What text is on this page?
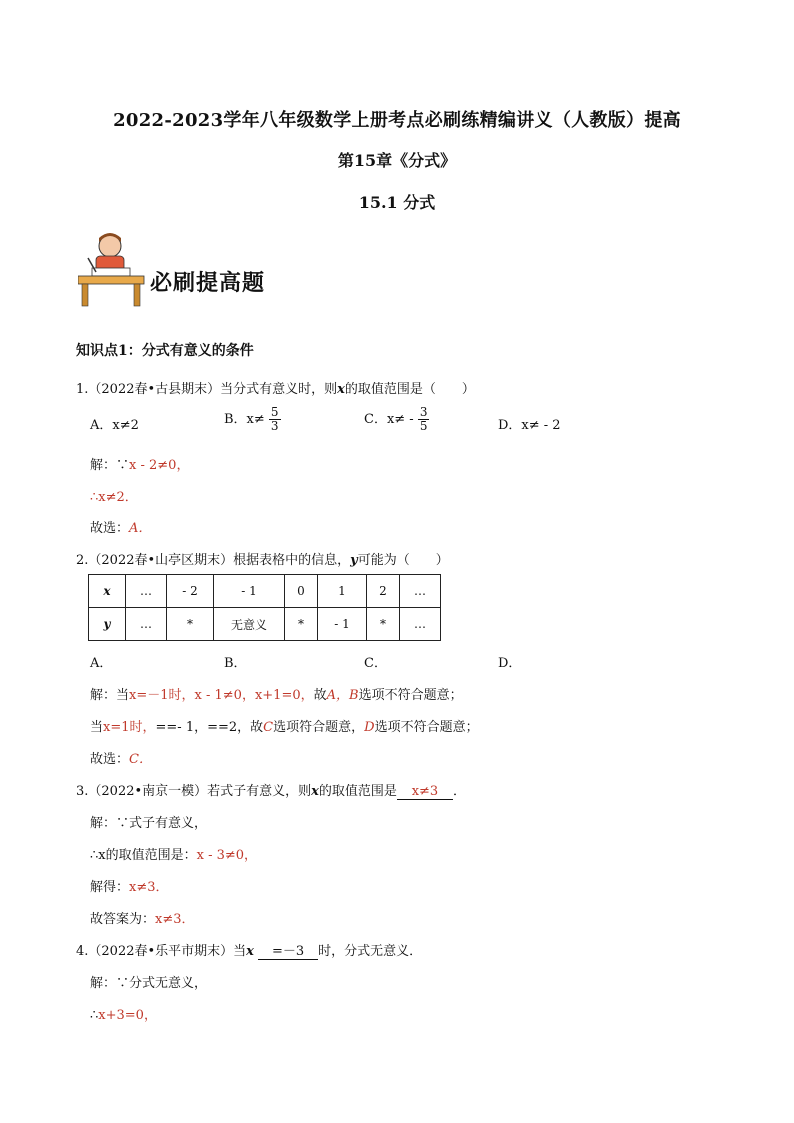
2022-2023学年八年级数学上册考点必刷练精编讲义（人教版）提高
第15章《分式》
15.1 分式
必刷提高题
知识点1：分式有意义的条件
1.（2022春•古县期末）当分式有意义时，则x的取值范围是（　　）
A．x≠2	B．$x\ne \frac{5}{3}$	C．$x\ne - \frac{3}{5}$	D．x≠ - 2
解：∵x - 2≠0，
∴x≠2．
故选：A．
2.（2022春•山亭区期末）根据表格中的信息，y可能为（　　）
x	…	- 2	- 1	0	1	2	…
y	…	*	无意义	*	- 1	*	…
A．	B．	C．	D．
解：当x=－1时，x - 1≠0，x+1=0，故A，B选项不符合题意；
当x=1时，==- 1，==2，故C选项符合题意，D选项不符合题意；
故选：C．
3.（2022•南京一模）若式子有意义，则x的取值范围是 x≠3 ．
解：∵式子有意义，
∴x的取值范围是：x - 3≠0，
解得：x≠3．
故答案为：x≠3．
4.（2022春•乐平市期末）当x =－3 时，分式无意义．
解：∵分式无意义，
∴x+3=0，
